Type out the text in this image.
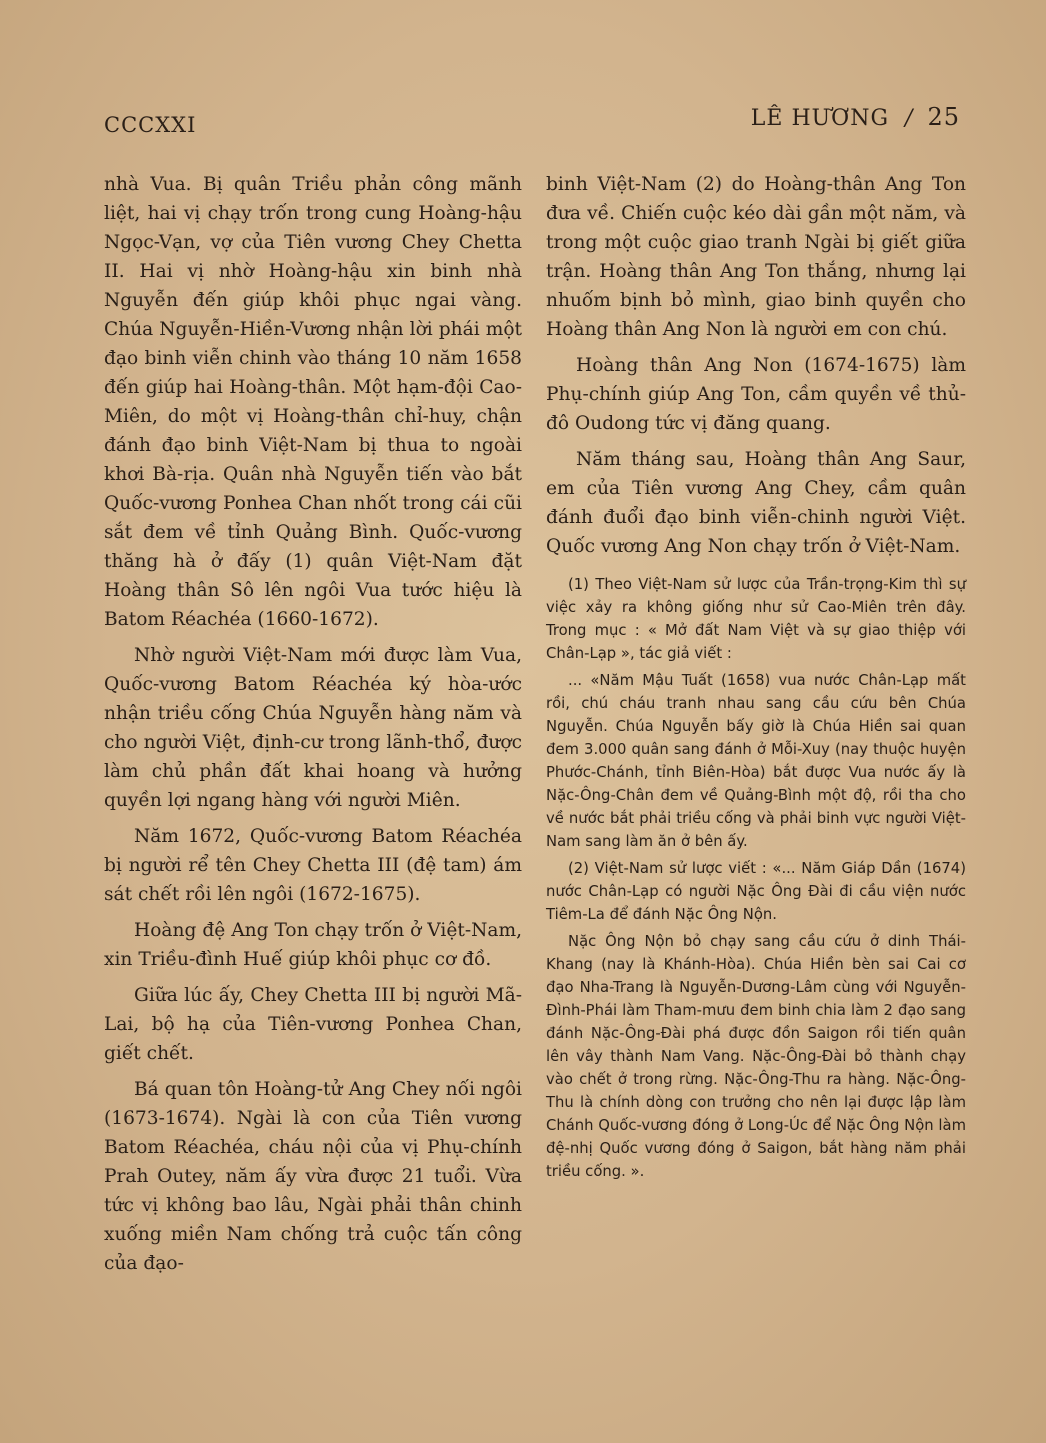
CCCXXI	LÊ HƯƠNG / 25

nhà Vua. Bị quân Triều phản công mãnh liệt, hai vị chạy trốn trong cung Hoàng-hậu Ngọc-Vạn, vợ của Tiên vương Chey Chetta II. Hai vị nhờ Hoàng-hậu xin binh nhà Nguyễn đến giúp khôi phục ngai vàng. Chúa Nguyễn-Hiền-Vương nhận lời phái một đạo binh viễn chinh vào tháng 10 năm 1658 đến giúp hai Hoàng-thân. Một hạm-đội Cao-Miên, do một vị Hoàng-thân chỉ-huy, chận đánh đạo binh Việt-Nam bị thua to ngoài khơi Bà-rịa. Quân nhà Nguyễn tiến vào bắt Quốc-vương Ponhea Chan nhốt trong cái cũi sắt đem về tỉnh Quảng Bình. Quốc-vương thăng hà ở đấy (1) quân Việt-Nam đặt Hoàng thân Sô lên ngôi Vua tước hiệu là Batom Réachéa (1660-1672).

Nhờ người Việt-Nam mới được làm Vua, Quốc-vương Batom Réachéa ký hòa-ước nhận triều cống Chúa Nguyễn hàng năm và cho người Việt, định-cư trong lãnh-thổ, được làm chủ phần đất khai hoang và hưởng quyền lợi ngang hàng với người Miên.

Năm 1672, Quốc-vương Batom Réachéa bị người rể tên Chey Chetta III (đệ tam) ám sát chết rồi lên ngôi (1672-1675).

Hoàng đệ Ang Ton chạy trốn ở Việt-Nam, xin Triều-đình Huế giúp khôi phục cơ đồ.

Giữa lúc ấy, Chey Chetta III bị người Mã-Lai, bộ hạ của Tiên-vương Ponhea Chan, giết chết.

Bá quan tôn Hoàng-tử Ang Chey nối ngôi (1673-1674). Ngài là con của Tiên vương Batom Réachéa, cháu nội của vị Phụ-chính Prah Outey, năm ấy vừa được 21 tuổi. Vừa tức vị không bao lâu, Ngài phải thân chinh xuống miền Nam chống trả cuộc tấn công của đạo-

binh Việt-Nam (2) do Hoàng-thân Ang Ton đưa về. Chiến cuộc kéo dài gần một năm, và trong một cuộc giao tranh Ngài bị giết giữa trận. Hoàng thân Ang Ton thắng, nhưng lại nhuốm bịnh bỏ mình, giao binh quyền cho Hoàng thân Ang Non là người em con chú.

Hoàng thân Ang Non (1674-1675) làm Phụ-chính giúp Ang Ton, cầm quyền về thủ-đô Oudong tức vị đăng quang.

Năm tháng sau, Hoàng thân Ang Saur, em của Tiên vương Ang Chey, cầm quân đánh đuổi đạo binh viễn-chinh người Việt. Quốc vương Ang Non chạy trốn ở Việt-Nam.

(1) Theo Việt-Nam sử lược của Trần-trọng-Kim thì sự việc xảy ra không giống như sử Cao-Miên trên đây. Trong mục : « Mở đất Nam Việt và sự giao thiệp với Chân-Lạp », tác giả viết :

... «Năm Mậu Tuất (1658) vua nước Chân-Lạp mất rồi, chú cháu tranh nhau sang cầu cứu bên Chúa Nguyễn. Chúa Nguyễn bấy giờ là Chúa Hiền sai quan đem 3.000 quân sang đánh ở Mỗi-Xuy (nay thuộc huyện Phước-Chánh, tỉnh Biên-Hòa) bắt được Vua nước ấy là Nặc-Ông-Chân đem về Quảng-Bình một độ, rồi tha cho về nước bắt phải triều cống và phải binh vực người Việt-Nam sang làm ăn ở bên ấy.

(2) Việt-Nam sử lược viết : «... Năm Giáp Dần (1674) nước Chân-Lạp có người Nặc Ông Đài đi cầu viện nước Tiêm-La để đánh Nặc Ông Nộn.

Nặc Ông Nộn bỏ chạy sang cầu cứu ở dinh Thái-Khang (nay là Khánh-Hòa). Chúa Hiền bèn sai Cai cơ đạo Nha-Trang là Nguyễn-Dương-Lâm cùng với Nguyễn-Đình-Phái làm Tham-mưu đem binh chia làm 2 đạo sang đánh Nặc-Ông-Đài phá được đồn Saigon rồi tiến quân lên vây thành Nam Vang. Nặc-Ông-Đài bỏ thành chạy vào chết ở trong rừng. Nặc-Ông-Thu ra hàng. Nặc-Ông-Thu là chính dòng con trưởng cho nên lại được lập làm Chánh Quốc-vương đóng ở Long-Úc để Nặc Ông Nộn làm đệ-nhị Quốc vương đóng ở Saigon, bắt hàng năm phải triều cống. ».
